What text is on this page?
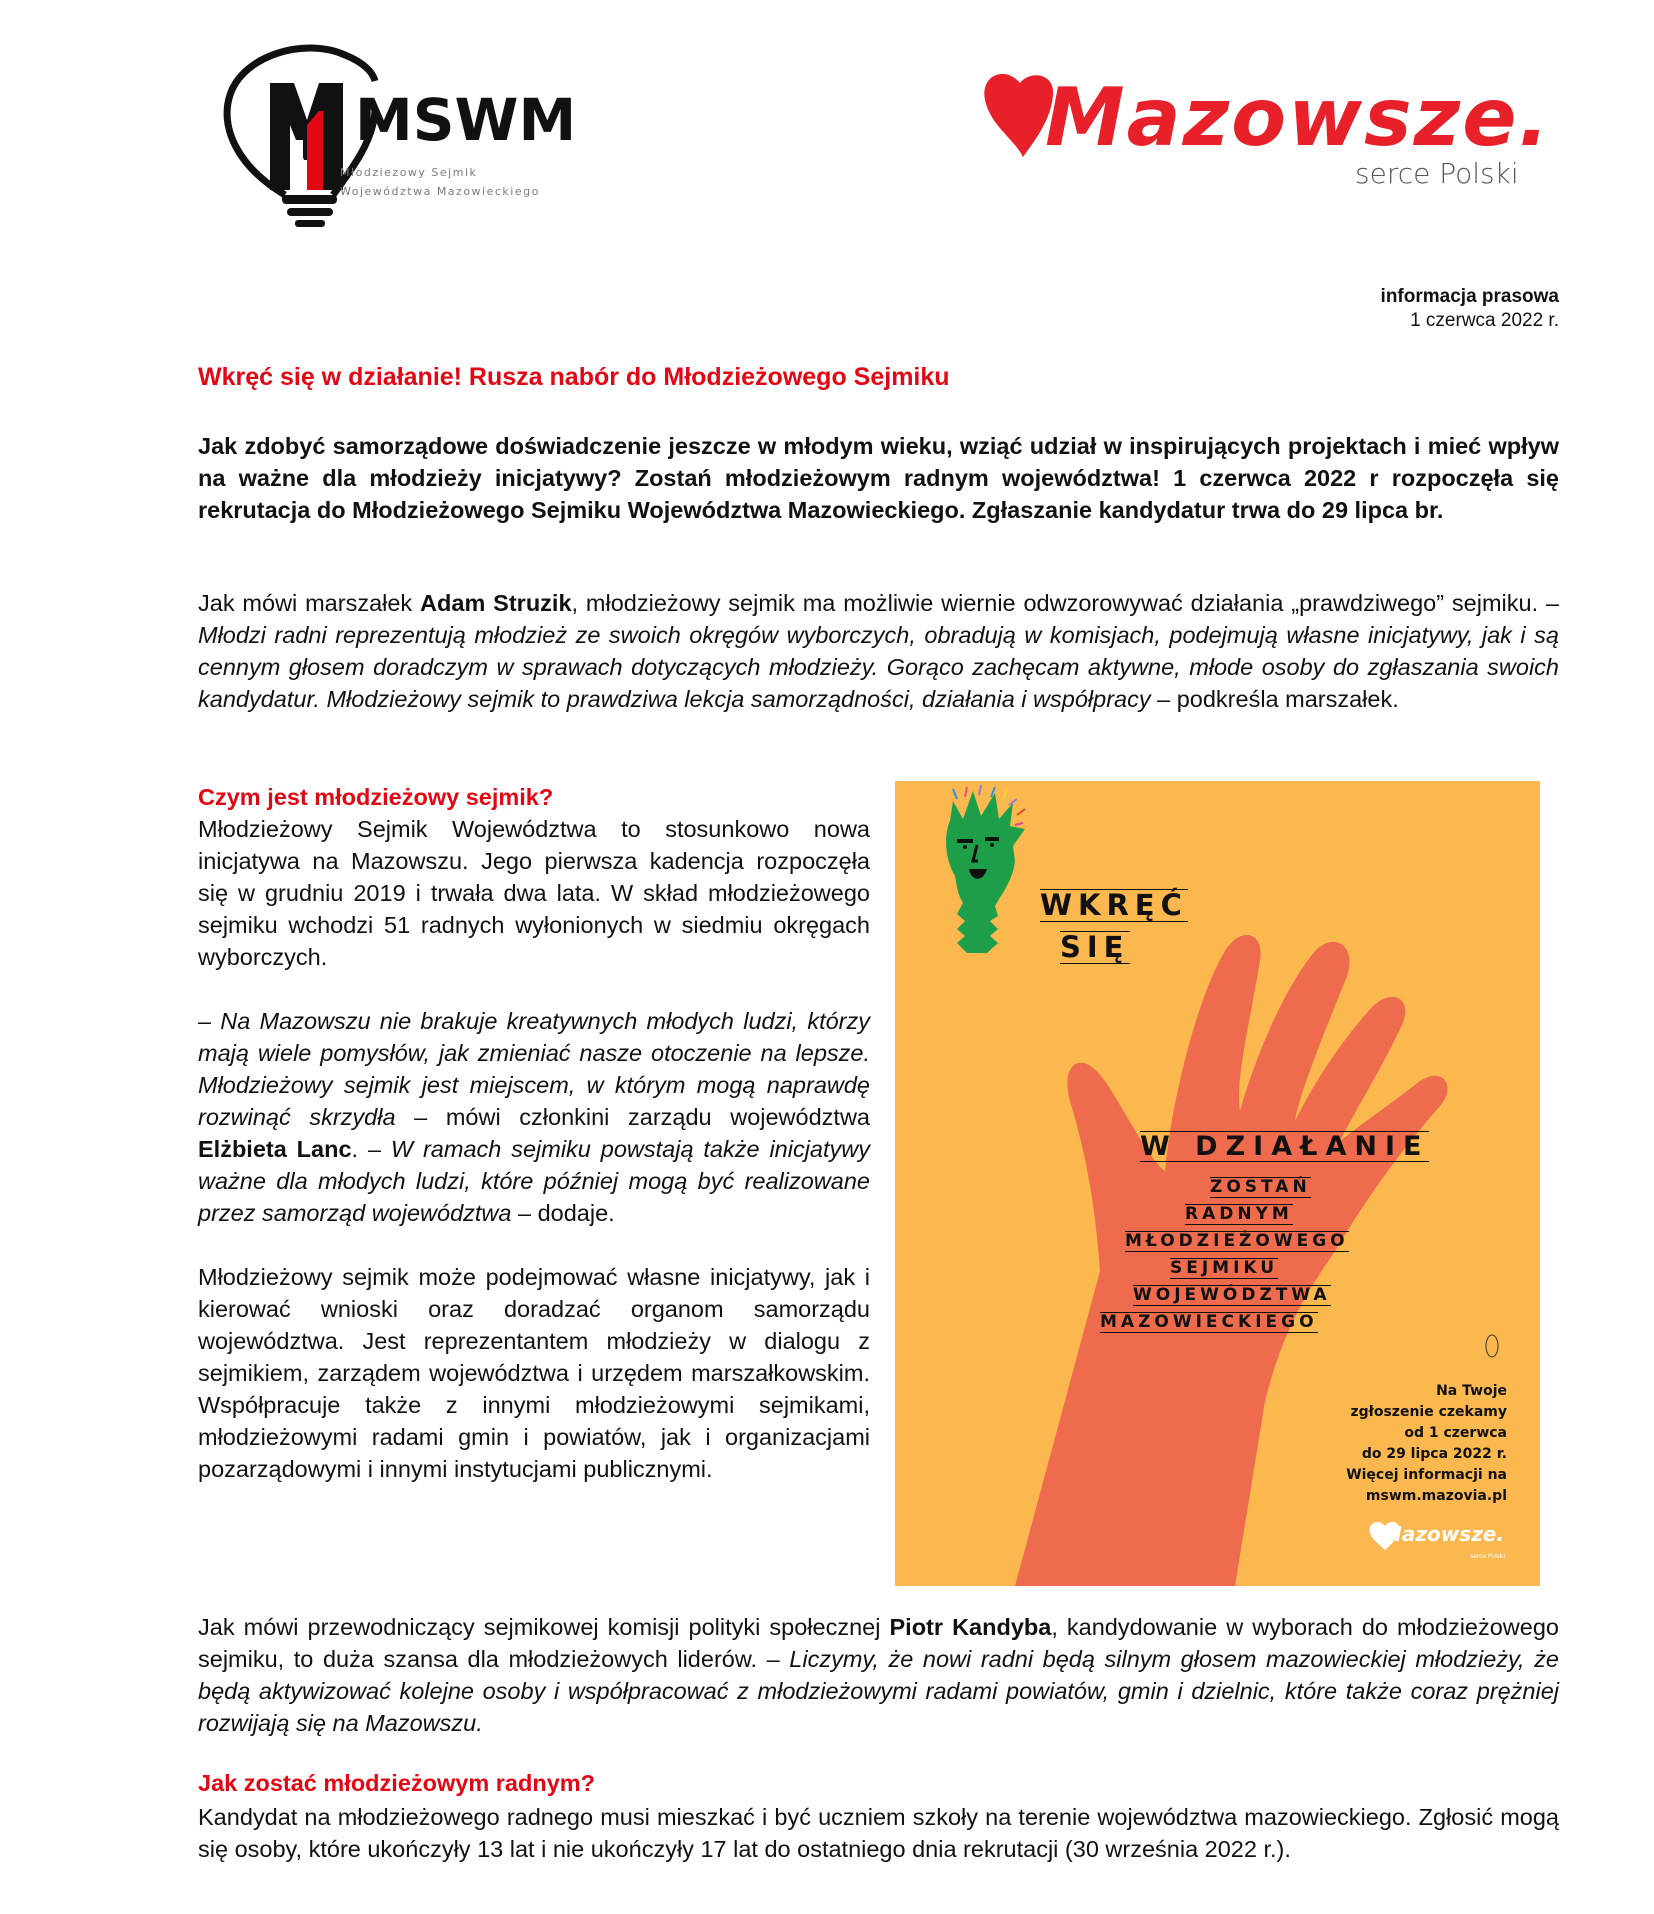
MSWM
Młodziezowy Sejmik
Województwa Mazowieckiego
Mazowsze.
serce Polski
informacja prasowa
1 czerwca 2022 r.
Wkręć się w działanie! Rusza nabór do Młodzieżowego Sejmiku

Jak zdobyć samorządowe doświadczenie jeszcze w młodym wieku, wziąć udział w inspirujących projektach i mieć wpływ na ważne dla młodzieży inicjatywy? Zostań młodzieżowym radnym województwa! 1 czerwca 2022 r rozpoczęła się rekrutacja do Młodzieżowego Sejmiku Województwa Mazowieckiego. Zgłaszanie kandydatur trwa do 29 lipca br.

Jak mówi marszałek Adam Struzik, młodzieżowy sejmik ma możliwie wiernie odwzorowywać działania „prawdziwego” sejmiku. – Młodzi radni reprezentują młodzież ze swoich okręgów wyborczych, obradują w komisjach, podejmują własne inicjatywy, jak i są cennym głosem doradczym w sprawach dotyczących młodzieży. Gorąco zachęcam aktywne, młode osoby do zgłaszania swoich kandydatur. Młodzieżowy sejmik to prawdziwa lekcja samorządności, działania i współpracy – podkreśla marszałek.

Czym jest młodzieżowy sejmik?

Młodzieżowy Sejmik Województwa to stosunkowo nowa inicjatywa na Mazowszu. Jego pierwsza kadencja rozpoczęła się w grudniu 2019 i trwała dwa lata. W skład młodzieżowego sejmiku wchodzi 51 radnych wyłonionych w siedmiu okręgach wyborczych.

– Na Mazowszu nie brakuje kreatywnych młodych ludzi, którzy mają wiele pomysłów, jak zmieniać nasze otoczenie na lepsze. Młodzieżowy sejmik jest miejscem, w którym mogą naprawdę rozwinąć skrzydła – mówi członkini zarządu województwa Elżbieta Lanc. – W ramach sejmiku powstają także inicjatywy ważne dla młodych ludzi, które później mogą być realizowane przez samorząd województwa – dodaje.

Młodzieżowy sejmik może podejmować własne inicjatywy, jak i kierować wnioski oraz doradzać organom samorządu województwa. Jest reprezentantem młodzieży w dialogu z sejmikiem, zarządem województwa i urzędem marszałkowskim. Współpracuje także z innymi młodzieżowymi sejmikami, młodzieżowymi radami gmin i powiatów, jak i organizacjami pozarządowymi i innymi instytucjami publicznymi.

WKRĘĆ
SIĘ
W DZIAŁANIE
ZOSTAŃ
RADNYM
MŁODZIEŻOWEGO
SEJMIKU
WOJEWÓDZTWA
MAZOWIECKIEGO
Na Twoje
zgłoszenie czekamy
od 1 czerwca
do 29 lipca 2022 r.
Więcej informacji na
mswm.mazovia.pl
Mazowsze.
serce Polski

Jak mówi przewodniczący sejmikowej komisji polityki społecznej Piotr Kandyba, kandydowanie w wyborach do młodzieżowego sejmiku, to duża szansa dla młodzieżowych liderów. – Liczymy, że nowi radni będą silnym głosem mazowieckiej młodzieży, że będą aktywizować kolejne osoby i współpracować z młodzieżowymi radami powiatów, gmin i dzielnic, które także coraz prężniej rozwijają się na Mazowszu.

Jak zostać młodzieżowym radnym?

Kandydat na młodzieżowego radnego musi mieszkać i być uczniem szkoły na terenie województwa mazowieckiego. Zgłosić mogą się osoby, które ukończyły 13 lat i nie ukończyły 17 lat do ostatniego dnia rekrutacji (30 września 2022 r.).
